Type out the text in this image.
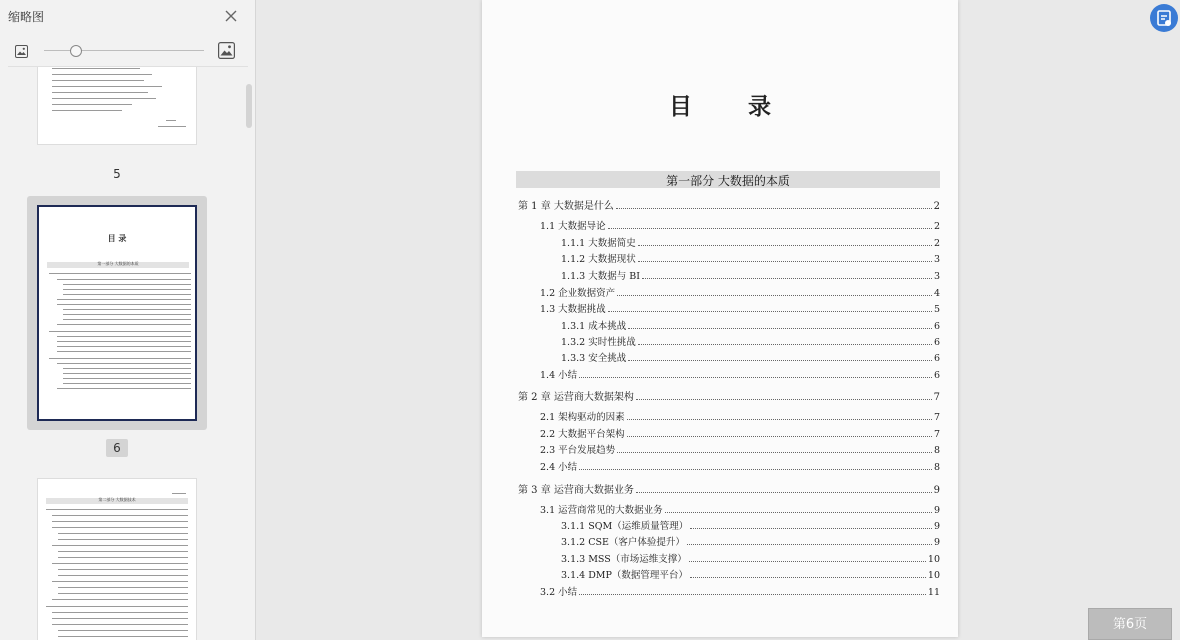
缩略图
5
目 录
第一部分 大数据的本质
6
第二部分 大数据技术
目 录
第一部分 大数据的本质
第 1 章 大数据是什么	2
1.1 大数据导论	2
1.1.1 大数据简史	2
1.1.2 大数据现状	3
1.1.3 大数据与 BI	3
1.2 企业数据资产	4
1.3 大数据挑战	5
1.3.1 成本挑战	6
1.3.2 实时性挑战	6
1.3.3 安全挑战	6
1.4 小结	6
第 2 章 运营商大数据架构	7
2.1 架构驱动的因素	7
2.2 大数据平台架构	7
2.3 平台发展趋势	8
2.4 小结	8
第 3 章 运营商大数据业务	9
3.1 运营商常见的大数据业务	9
3.1.1 SQM（运维质量管理）	9
3.1.2 CSE（客户体验提升）	9
3.1.3 MSS（市场运维支撑）	10
3.1.4 DMP（数据管理平台）	10
3.2 小结	11
第6页
